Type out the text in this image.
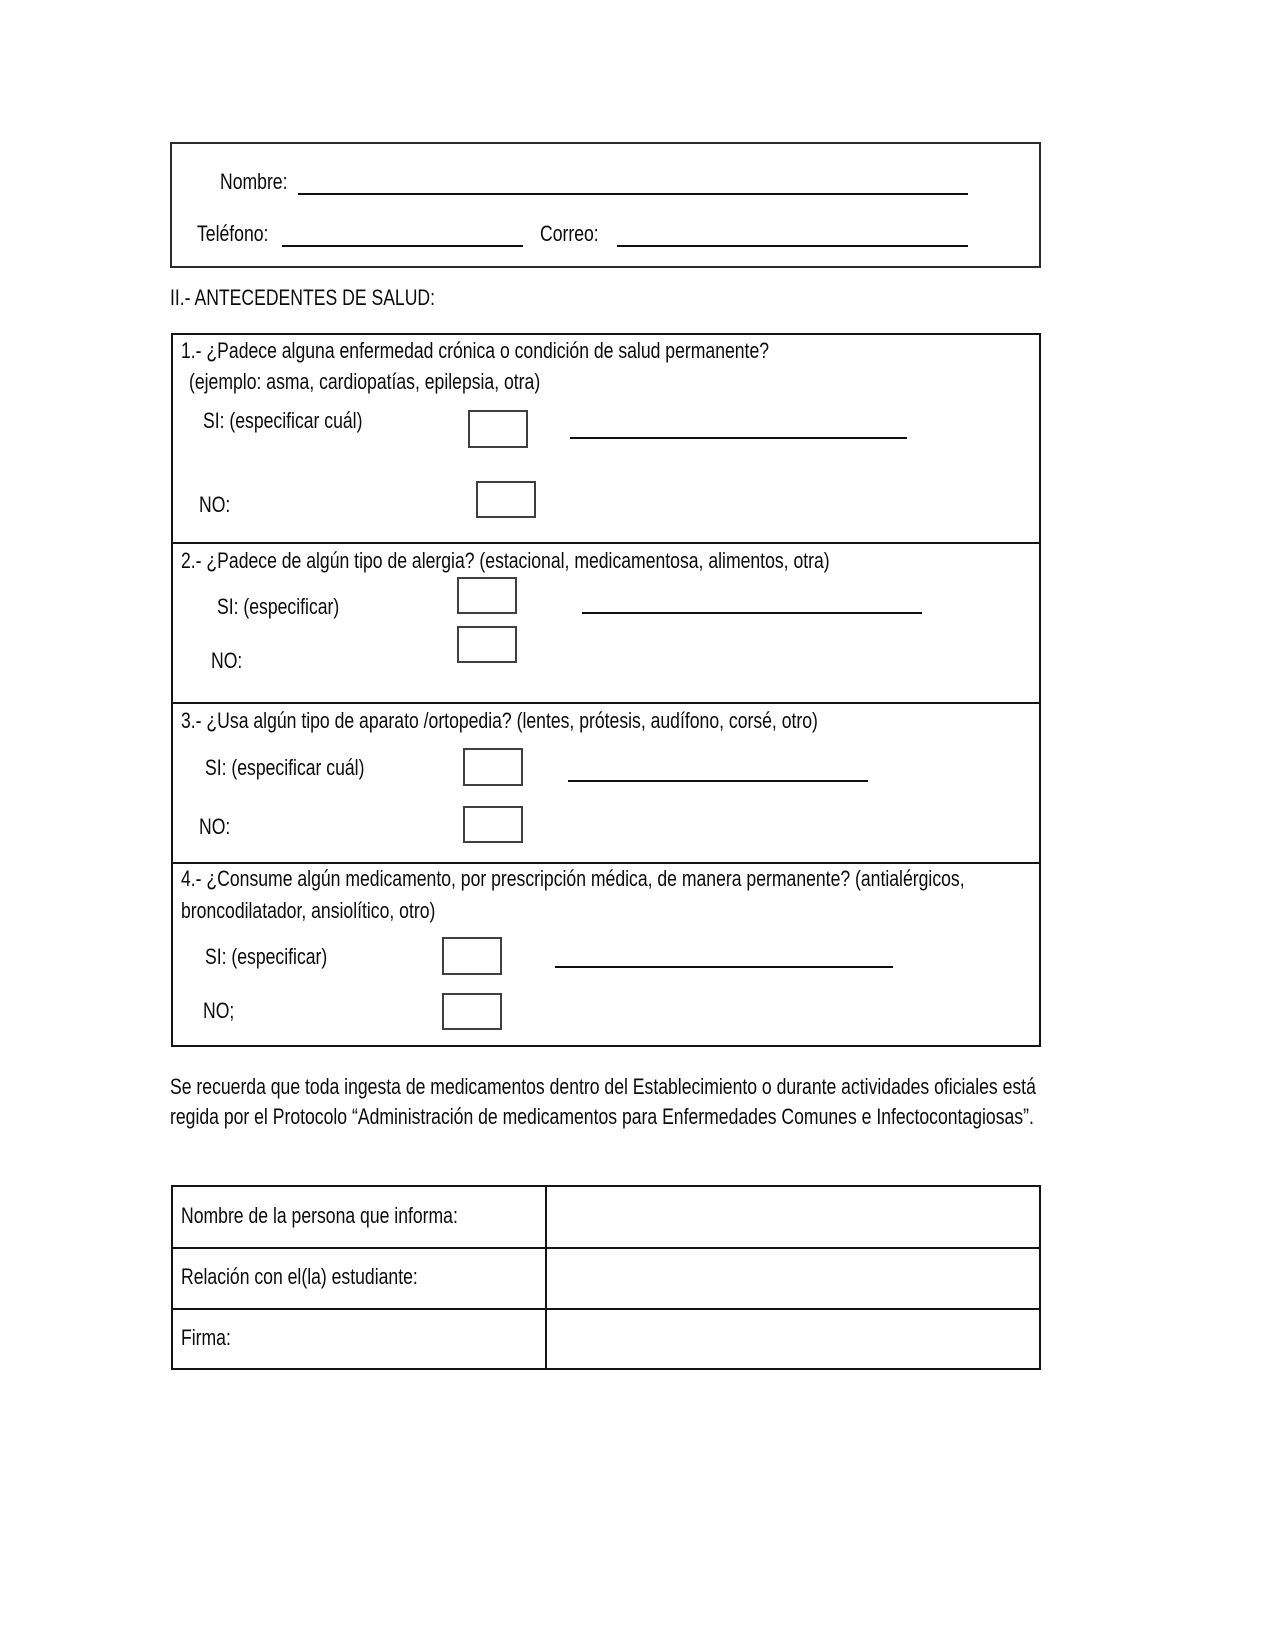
Nombre:
Teléfono:	Correo:
II.- ANTECEDENTES DE SALUD:
1.- ¿Padece alguna enfermedad crónica o condición de salud permanente?
(ejemplo: asma, cardiopatías, epilepsia, otra)
SI: (especificar cuál)
NO:
2.- ¿Padece de algún tipo de alergia? (estacional, medicamentosa, alimentos, otra)
SI: (especificar)
NO:
3.- ¿Usa algún tipo de aparato /ortopedia? (lentes, prótesis, audífono, corsé, otro)
SI: (especificar cuál)
NO:
4.- ¿Consume algún medicamento, por prescripción médica, de manera permanente? (antialérgicos,
broncodilatador, ansiolítico, otro)
SI: (especificar)
NO;
Se recuerda que toda ingesta de medicamentos dentro del Establecimiento o durante actividades oficiales está
regida por el Protocolo “Administración de medicamentos para Enfermedades Comunes e Infectocontagiosas”.
Nombre de la persona que informa:
Relación con el(la) estudiante:
Firma:
